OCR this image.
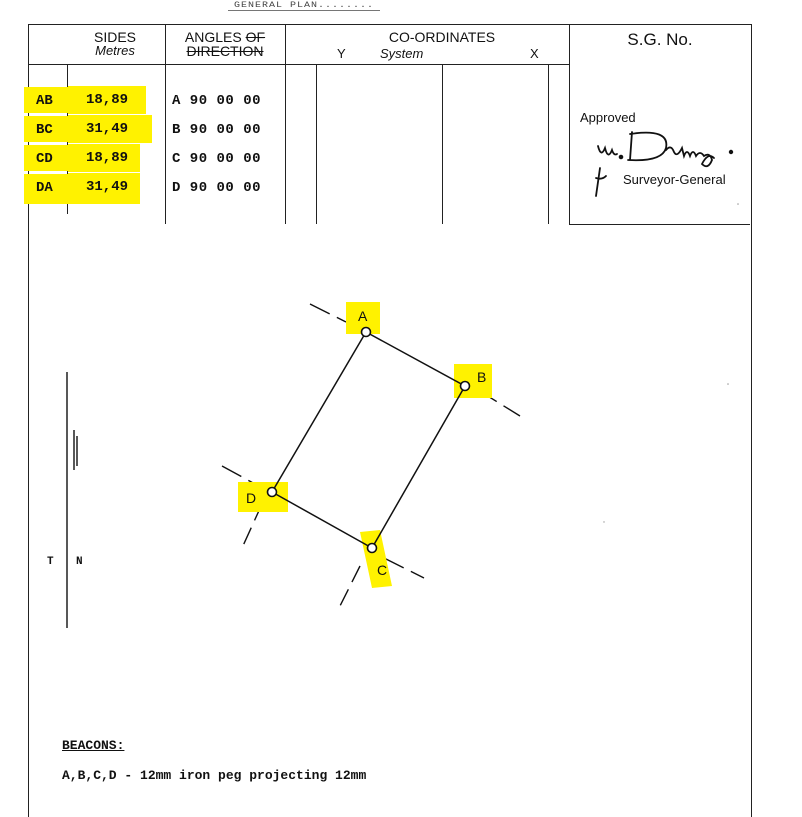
GENERAL PLAN........
SIDES
Metres
ANGLES OF
DIRECTION
CO-ORDINATES
Y	System	X
AB 18,89	A 90 00 00
BC 31,49	B 90 00 00
CD 18,89	C 90 00 00
DA 31,49	D 90 00 00
S.G. No.
Approved
Surveyor-General
A
B
C
D
T N
BEACONS:
A,B,C,D - 12mm iron peg projecting 12mm
